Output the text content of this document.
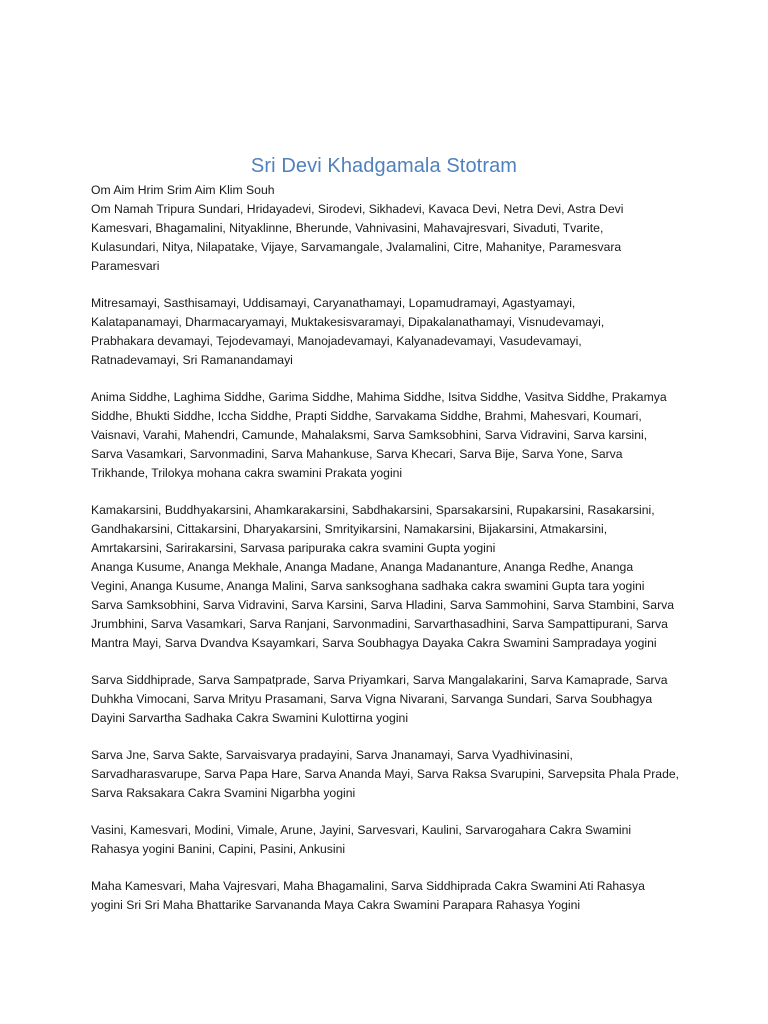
Sri Devi Khadgamala Stotram

Om Aim Hrim Srim Aim Klim Souh
Om Namah Tripura Sundari, Hridayadevi, Sirodevi, Sikhadevi, Kavaca Devi, Netra Devi, Astra Devi
Kamesvari, Bhagamalini, Nityaklinne, Bherunde, Vahnivasini, Mahavajresvari, Sivaduti, Tvarite,
Kulasundari, Nitya, Nilapatake, Vijaye, Sarvamangale, Jvalamalini, Citre, Mahanitye, Paramesvara
Paramesvari

Mitresamayi, Sasthisamayi, Uddisamayi, Caryanathamayi, Lopamudramayi, Agastyamayi,
Kalatapanamayi, Dharmacaryamayi, Muktakesisvaramayi, Dipakalanathamayi, Visnudevamayi,
Prabhakara devamayi, Tejodevamayi, Manojadevamayi, Kalyanadevamayi, Vasudevamayi,
Ratnadevamayi, Sri Ramanandamayi

Anima Siddhe, Laghima Siddhe, Garima Siddhe, Mahima Siddhe, Isitva Siddhe, Vasitva Siddhe, Prakamya
Siddhe, Bhukti Siddhe, Iccha Siddhe, Prapti Siddhe, Sarvakama Siddhe, Brahmi, Mahesvari, Koumari,
Vaisnavi, Varahi, Mahendri, Camunde, Mahalaksmi, Sarva Samksobhini, Sarva Vidravini, Sarva karsini,
Sarva Vasamkari, Sarvonmadini, Sarva Mahankuse, Sarva Khecari, Sarva Bije, Sarva Yone, Sarva
Trikhande, Trilokya mohana cakra swamini Prakata yogini

Kamakarsini, Buddhyakarsini, Ahamkarakarsini, Sabdhakarsini, Sparsakarsini, Rupakarsini, Rasakarsini,
Gandhakarsini, Cittakarsini, Dharyakarsini, Smrityikarsini, Namakarsini, Bijakarsini, Atmakarsini,
Amrtakarsini, Sarirakarsini, Sarvasa paripuraka cakra svamini Gupta yogini
Ananga Kusume, Ananga Mekhale, Ananga Madane, Ananga Madananture, Ananga Redhe, Ananga
Vegini, Ananga Kusume, Ananga Malini, Sarva sanksoghana sadhaka cakra swamini Gupta tara yogini
Sarva Samksobhini, Sarva Vidravini, Sarva Karsini, Sarva Hladini, Sarva Sammohini, Sarva Stambini, Sarva
Jrumbhini, Sarva Vasamkari, Sarva Ranjani, Sarvonmadini, Sarvarthasadhini, Sarva Sampattipurani, Sarva
Mantra Mayi, Sarva Dvandva Ksayamkari, Sarva Soubhagya Dayaka Cakra Swamini Sampradaya yogini

Sarva Siddhiprade, Sarva Sampatprade, Sarva Priyamkari, Sarva Mangalakarini, Sarva Kamaprade, Sarva
Duhkha Vimocani, Sarva Mrityu Prasamani, Sarva Vigna Nivarani, Sarvanga Sundari, Sarva Soubhagya
Dayini Sarvartha Sadhaka Cakra Swamini Kulottirna yogini

Sarva Jne, Sarva Sakte, Sarvaisvarya pradayini, Sarva Jnanamayi, Sarva Vyadhivinasini,
Sarvadharasvarupe, Sarva Papa Hare, Sarva Ananda Mayi, Sarva Raksa Svarupini, Sarvepsita Phala Prade,
Sarva Raksakara Cakra Svamini Nigarbha yogini

Vasini, Kamesvari, Modini, Vimale, Arune, Jayini, Sarvesvari, Kaulini, Sarvarogahara Cakra Swamini
Rahasya yogini Banini, Capini, Pasini, Ankusini

Maha Kamesvari, Maha Vajresvari, Maha Bhagamalini, Sarva Siddhiprada Cakra Swamini Ati Rahasya
yogini Sri Sri Maha Bhattarike Sarvananda Maya Cakra Swamini Parapara Rahasya Yogini
